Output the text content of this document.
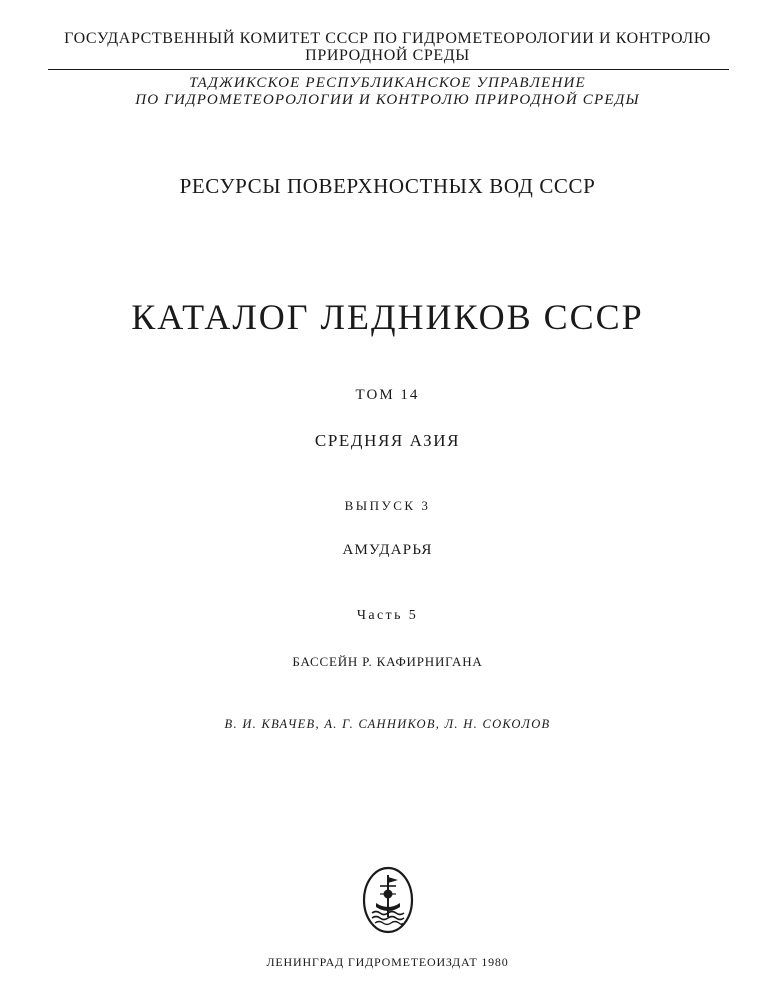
ГОСУДАРСТВЕННЫЙ КОМИТЕТ СССР ПО ГИДРОМЕТЕОРОЛОГИИ И КОНТРОЛЮ
ПРИРОДНОЙ СРЕДЫ
ТАДЖИКСКОЕ РЕСПУБЛИКАНСКОЕ УПРАВЛЕНИЕ
ПО ГИДРОМЕТЕОРОЛОГИИ И КОНТРОЛЮ ПРИРОДНОЙ СРЕДЫ
РЕСУРСЫ ПОВЕРХНОСТНЫХ ВОД СССР
КАТАЛОГ ЛЕДНИКОВ СССР
ТОМ 14
СРЕДНЯЯ АЗИЯ
ВЫПУСК 3
АМУДАРЬЯ
Часть 5
БАССЕЙН Р. КАФИРНИГАНА
В. И. КВАЧЕВ, А. Г. САННИКОВ, Л. Н. СОКОЛОВ
ЛЕНИНГРАД ГИДРОМЕТЕОИЗДАТ 1980
